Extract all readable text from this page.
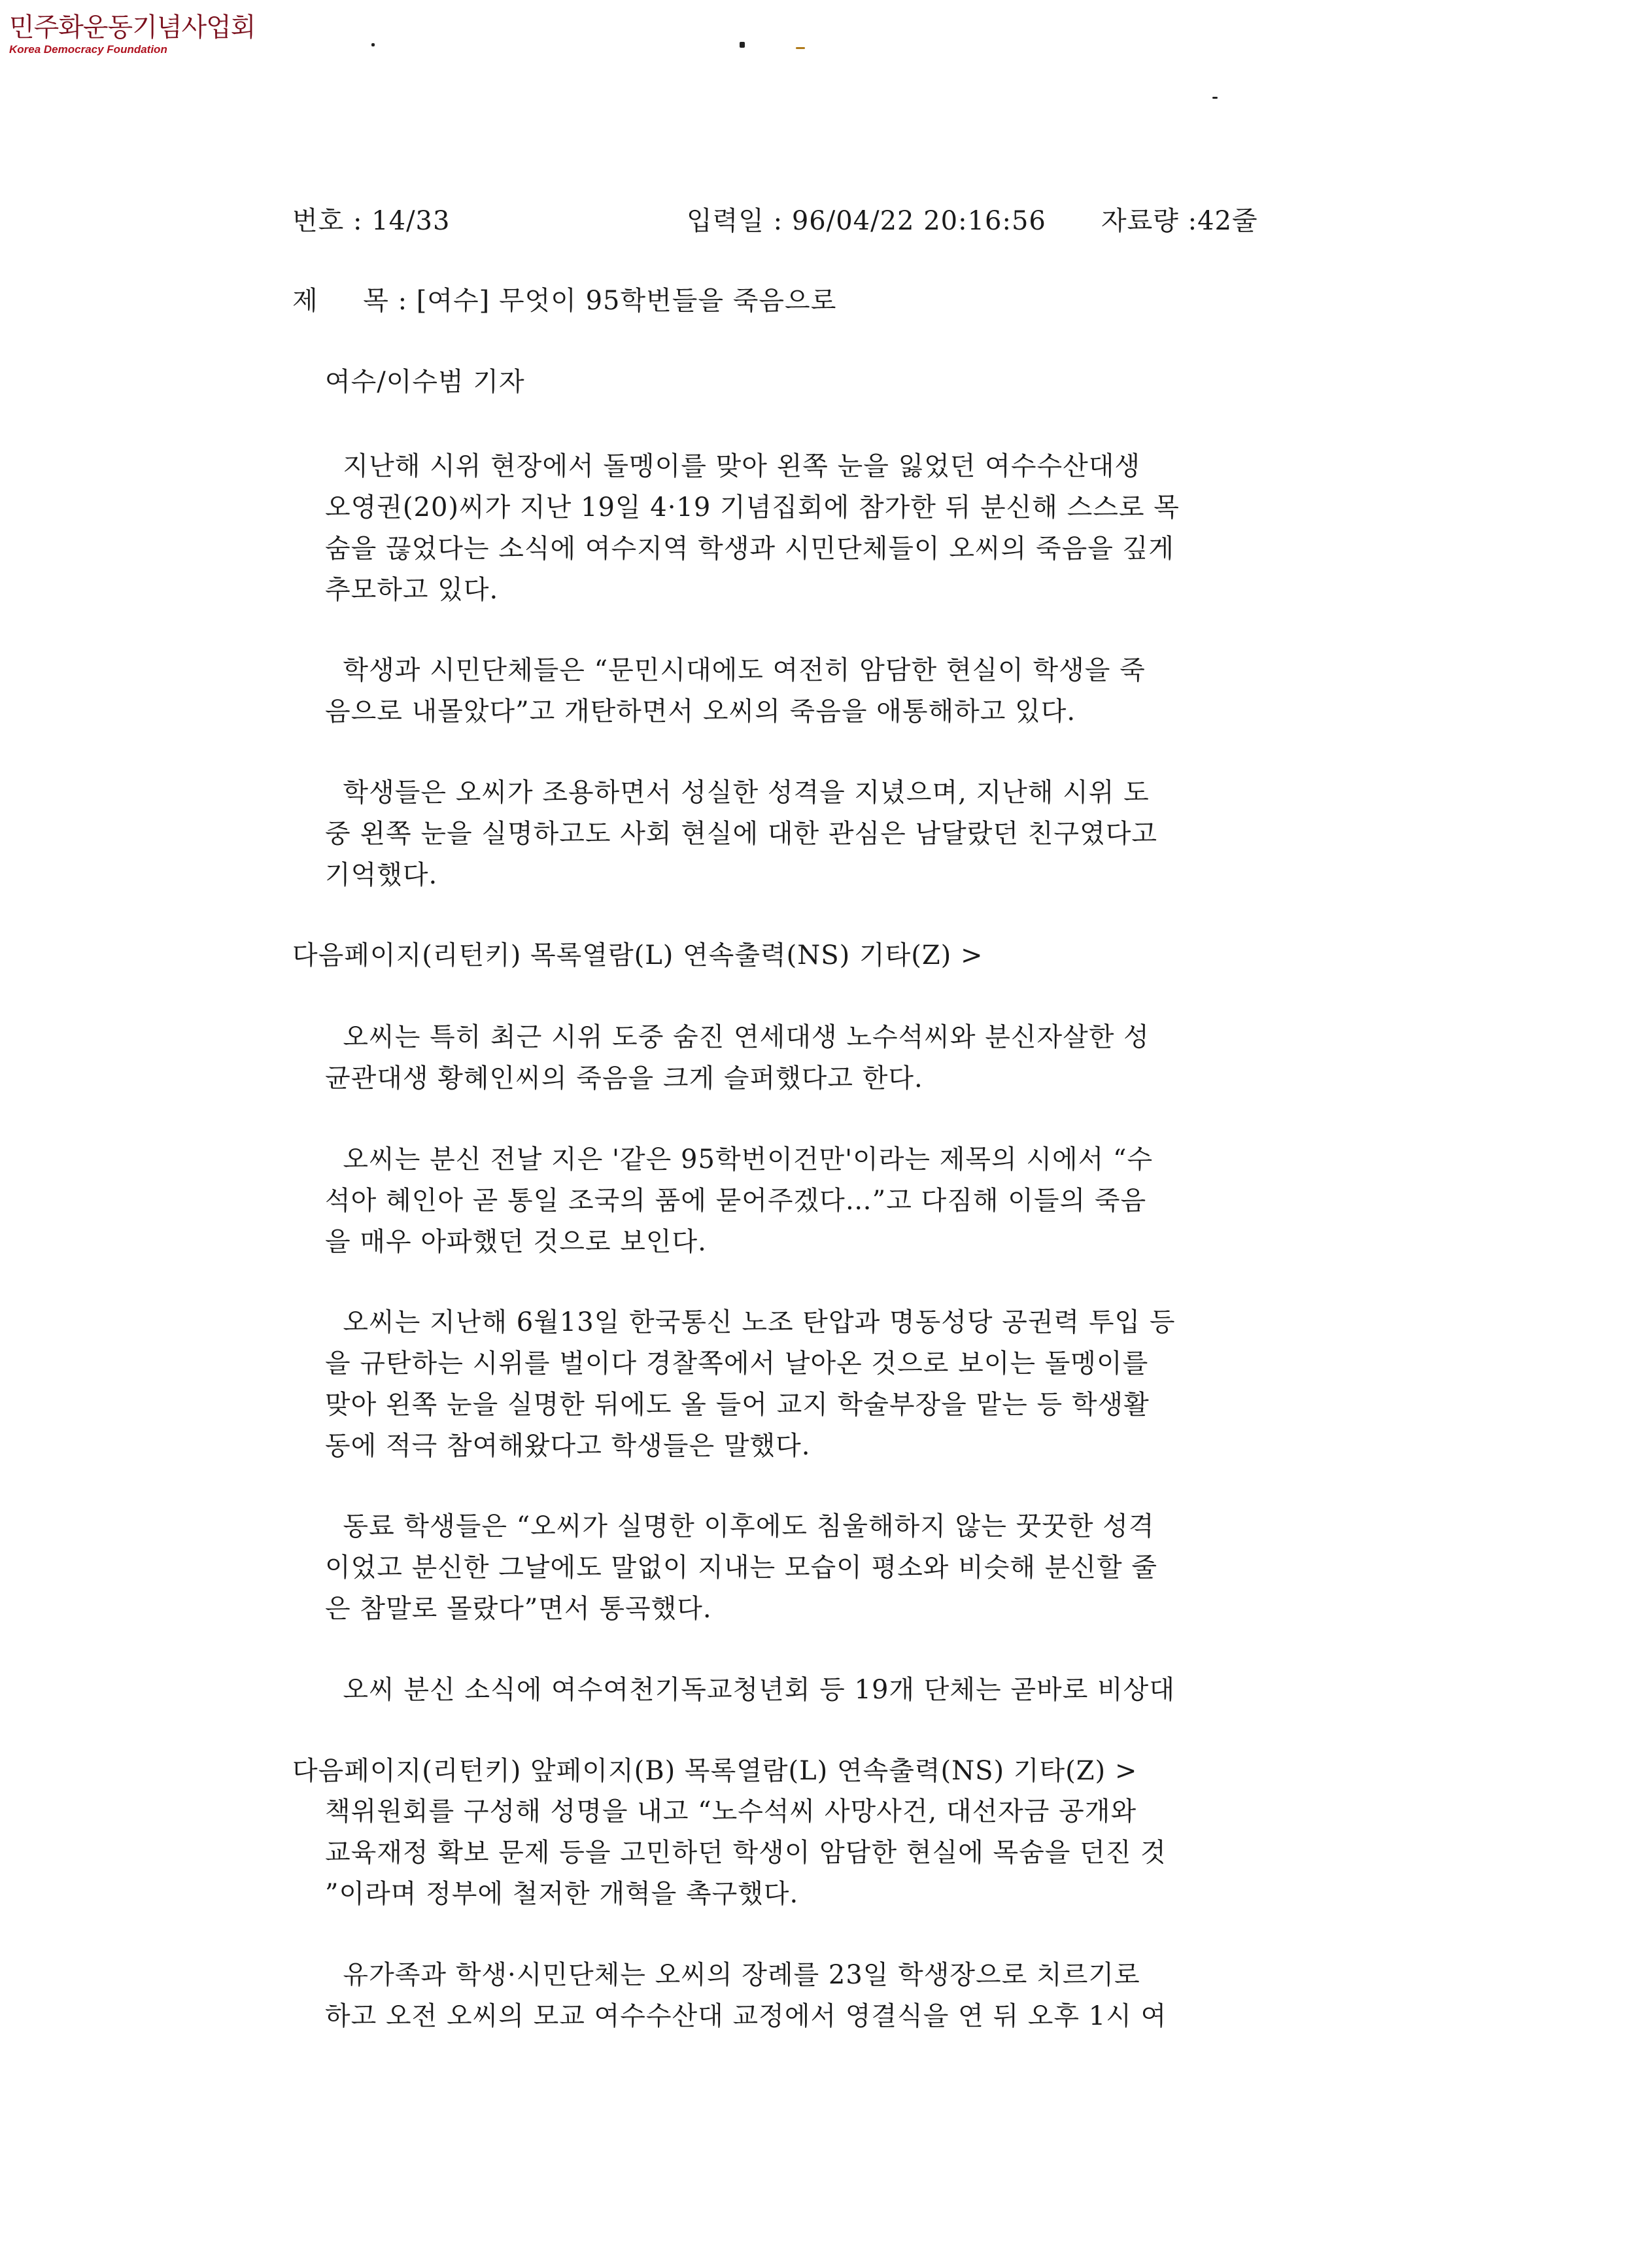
민주화운동기념사업회
Korea Democracy Foundation
번호 : 14/33	입력일 : 96/04/22 20:16:56 자료량 :42줄
제     목 : [여수] 무엇이 95학번들을 죽음으로
여수/이수범 기자
지난해 시위 현장에서 돌멩이를 맞아 왼쪽 눈을 잃었던 여수수산대생
오영권(20)씨가 지난 19일 4·19 기념집회에 참가한 뒤 분신해 스스로 목
숨을 끊었다는 소식에 여수지역 학생과 시민단체들이 오씨의 죽음을 깊게
추모하고 있다.
학생과 시민단체들은 “문민시대에도 여전히 암담한 현실이 학생을 죽
음으로 내몰았다”고 개탄하면서 오씨의 죽음을 애통해하고 있다.
학생들은 오씨가 조용하면서 성실한 성격을 지녔으며, 지난해 시위 도
중 왼쪽 눈을 실명하고도 사회 현실에 대한 관심은 남달랐던 친구였다고
기억했다.
다음페이지(리턴키) 목록열람(L) 연속출력(NS) 기타(Z) >
오씨는 특히 최근 시위 도중 숨진 연세대생 노수석씨와 분신자살한 성
균관대생 황혜인씨의 죽음을 크게 슬퍼했다고 한다.
오씨는 분신 전날 지은 '같은 95학번이건만'이라는 제목의 시에서 “수
석아 혜인아 곧 통일 조국의 품에 묻어주겠다…”고 다짐해 이들의 죽음
을 매우 아파했던 것으로 보인다.
오씨는 지난해 6월13일 한국통신 노조 탄압과 명동성당 공권력 투입 등
을 규탄하는 시위를 벌이다 경찰쪽에서 날아온 것으로 보이는 돌멩이를
맞아 왼쪽 눈을 실명한 뒤에도 올 들어 교지 학술부장을 맡는 등 학생활
동에 적극 참여해왔다고 학생들은 말했다.
동료 학생들은 “오씨가 실명한 이후에도 침울해하지 않는 꿋꿋한 성격
이었고 분신한 그날에도 말없이 지내는 모습이 평소와 비슷해 분신할 줄
은 참말로 몰랐다”면서 통곡했다.
오씨 분신 소식에 여수여천기독교청년회 등 19개 단체는 곧바로 비상대
다음페이지(리턴키) 앞페이지(B) 목록열람(L) 연속출력(NS) 기타(Z) >
책위원회를 구성해 성명을 내고 “노수석씨 사망사건, 대선자금 공개와
교육재정 확보 문제 등을 고민하던 학생이 암담한 현실에 목숨을 던진 것
”이라며 정부에 철저한 개혁을 촉구했다.
유가족과 학생·시민단체는 오씨의 장례를 23일 학생장으로 치르기로
하고 오전 오씨의 모교 여수수산대 교정에서 영결식을 연 뒤 오후 1시 여
